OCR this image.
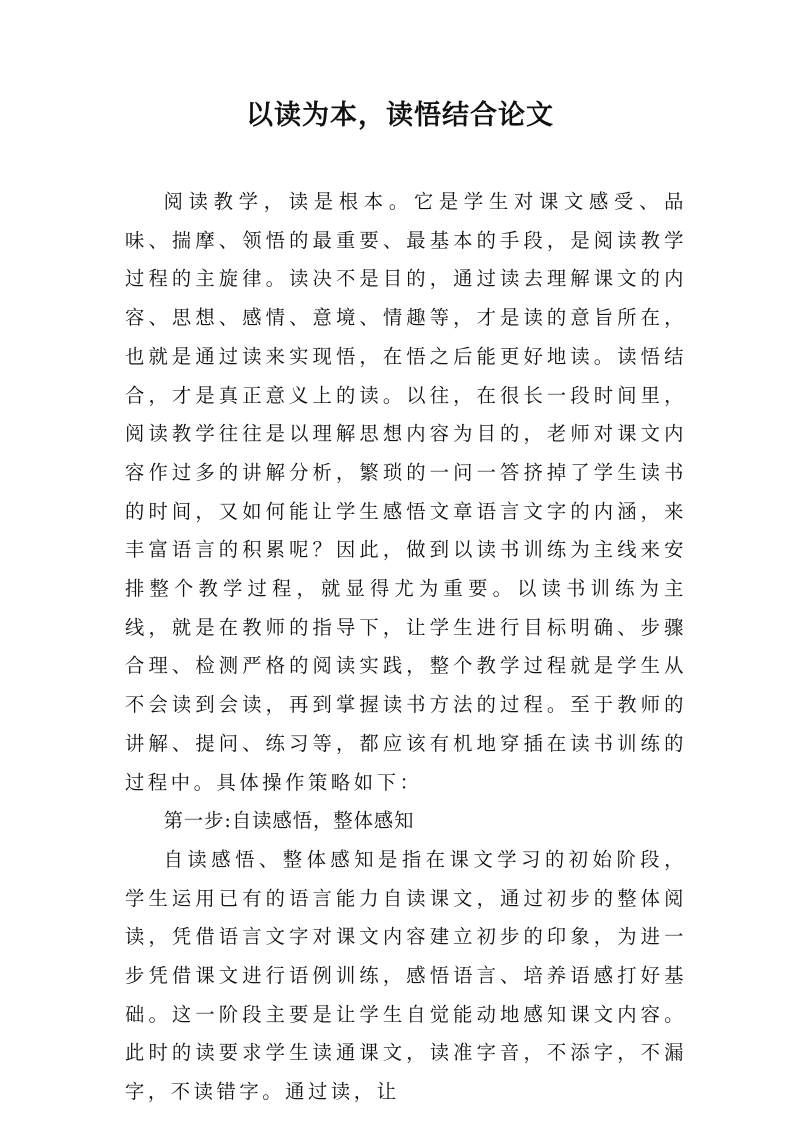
以读为本，读悟结合论文

阅读教学，读是根本。它是学生对课文感受、品味、揣摩、领悟的最重要、最基本的手段，是阅读教学过程的主旋律。读决不是目的，通过读去理解课文的内容、思想、感情、意境、情趣等，才是读的意旨所在，也就是通过读来实现悟，在悟之后能更好地读。读悟结合，才是真正意义上的读。以往，在很长一段时间里，阅读教学往往是以理解思想内容为目的，老师对课文内容作过多的讲解分析，繁琐的一问一答挤掉了学生读书的时间，又如何能让学生感悟文章语言文字的内涵，来丰富语言的积累呢？因此，做到以读书训练为主线来安排整个教学过程，就显得尤为重要。以读书训练为主线，就是在教师的指导下，让学生进行目标明确、步骤合理、检测严格的阅读实践，整个教学过程就是学生从不会读到会读，再到掌握读书方法的过程。至于教师的讲解、提问、练习等，都应该有机地穿插在读书训练的过程中。具体操作策略如下：

第一步:自读感悟，整体感知

自读感悟、整体感知是指在课文学习的初始阶段，学生运用已有的语言能力自读课文，通过初步的整体阅读，凭借语言文字对课文内容建立初步的印象，为进一步凭借课文进行语例训练，感悟语言、培养语感打好基础。这一阶段主要是让学生自觉能动地感知课文内容。此时的读要求学生读通课文，读准字音，不添字，不漏字，不读错字。通过读，让
